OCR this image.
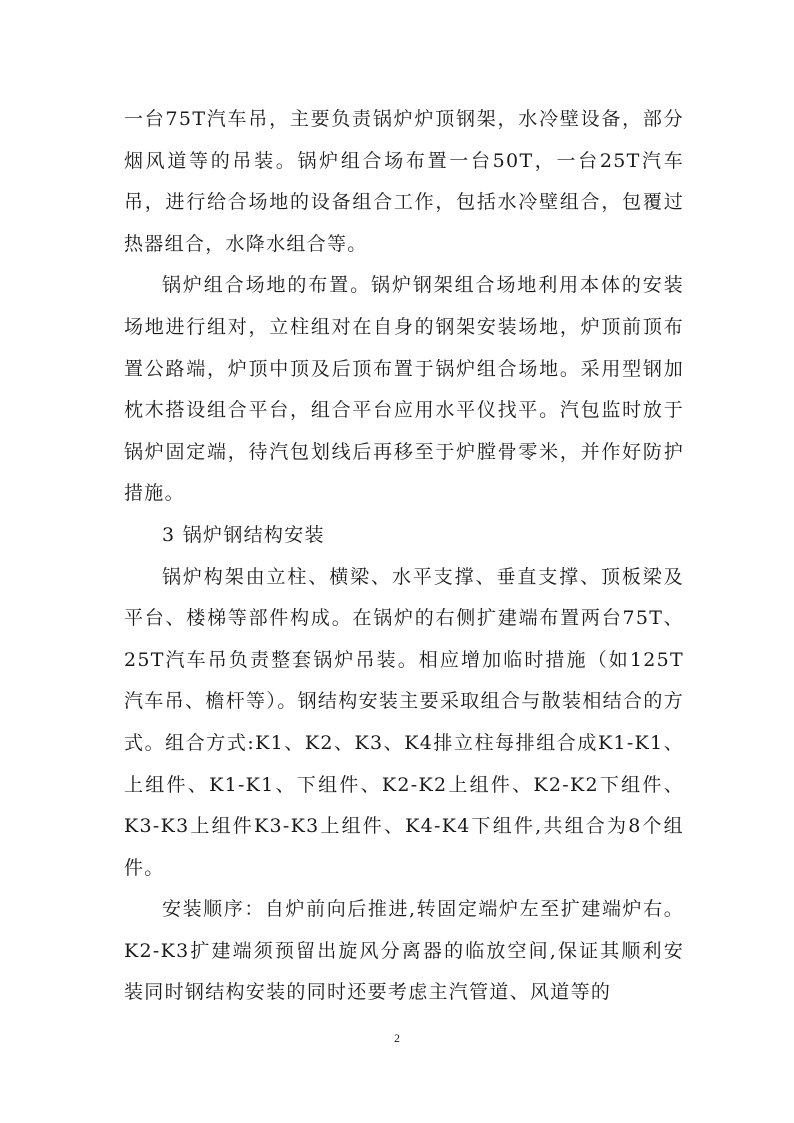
一台75T汽车吊，主要负责锅炉炉顶钢架，水冷壁设备，部分烟风道等的吊装。锅炉组合场布置一台50T，一台25T汽车吊，进行给合场地的设备组合工作，包括水冷壁组合，包覆过热器组合，水降水组合等。

锅炉组合场地的布置。锅炉钢架组合场地利用本体的安装场地进行组对，立柱组对在自身的钢架安装场地，炉顶前顶布置公路端，炉顶中顶及后顶布置于锅炉组合场地。采用型钢加枕木搭设组合平台，组合平台应用水平仪找平。汽包监时放于锅炉固定端，待汽包划线后再移至于炉膛骨零米，并作好防护措施。

3 锅炉钢结构安装

锅炉构架由立柱、横梁、水平支撑、垂直支撑、顶板梁及平台、楼梯等部件构成。在锅炉的右侧扩建端布置两台75T、25T汽车吊负责整套锅炉吊装。相应增加临时措施（如125T汽车吊、檐杆等）。钢结构安装主要采取组合与散装相结合的方式。组合方式:K1、K2、K3、K4排立柱每排组合成K1-K1、上组件、K1-K1、下组件、K2-K2上组件、K2-K2下组件、K3-K3上组件K3-K3上组件、K4-K4下组件,共组合为8个组件。

安装顺序：自炉前向后推进,转固定端炉左至扩建端炉右。K2-K3扩建端须预留出旋风分离器的临放空间,保证其顺利安装同时钢结构安装的同时还要考虑主汽管道、风道等的

2
